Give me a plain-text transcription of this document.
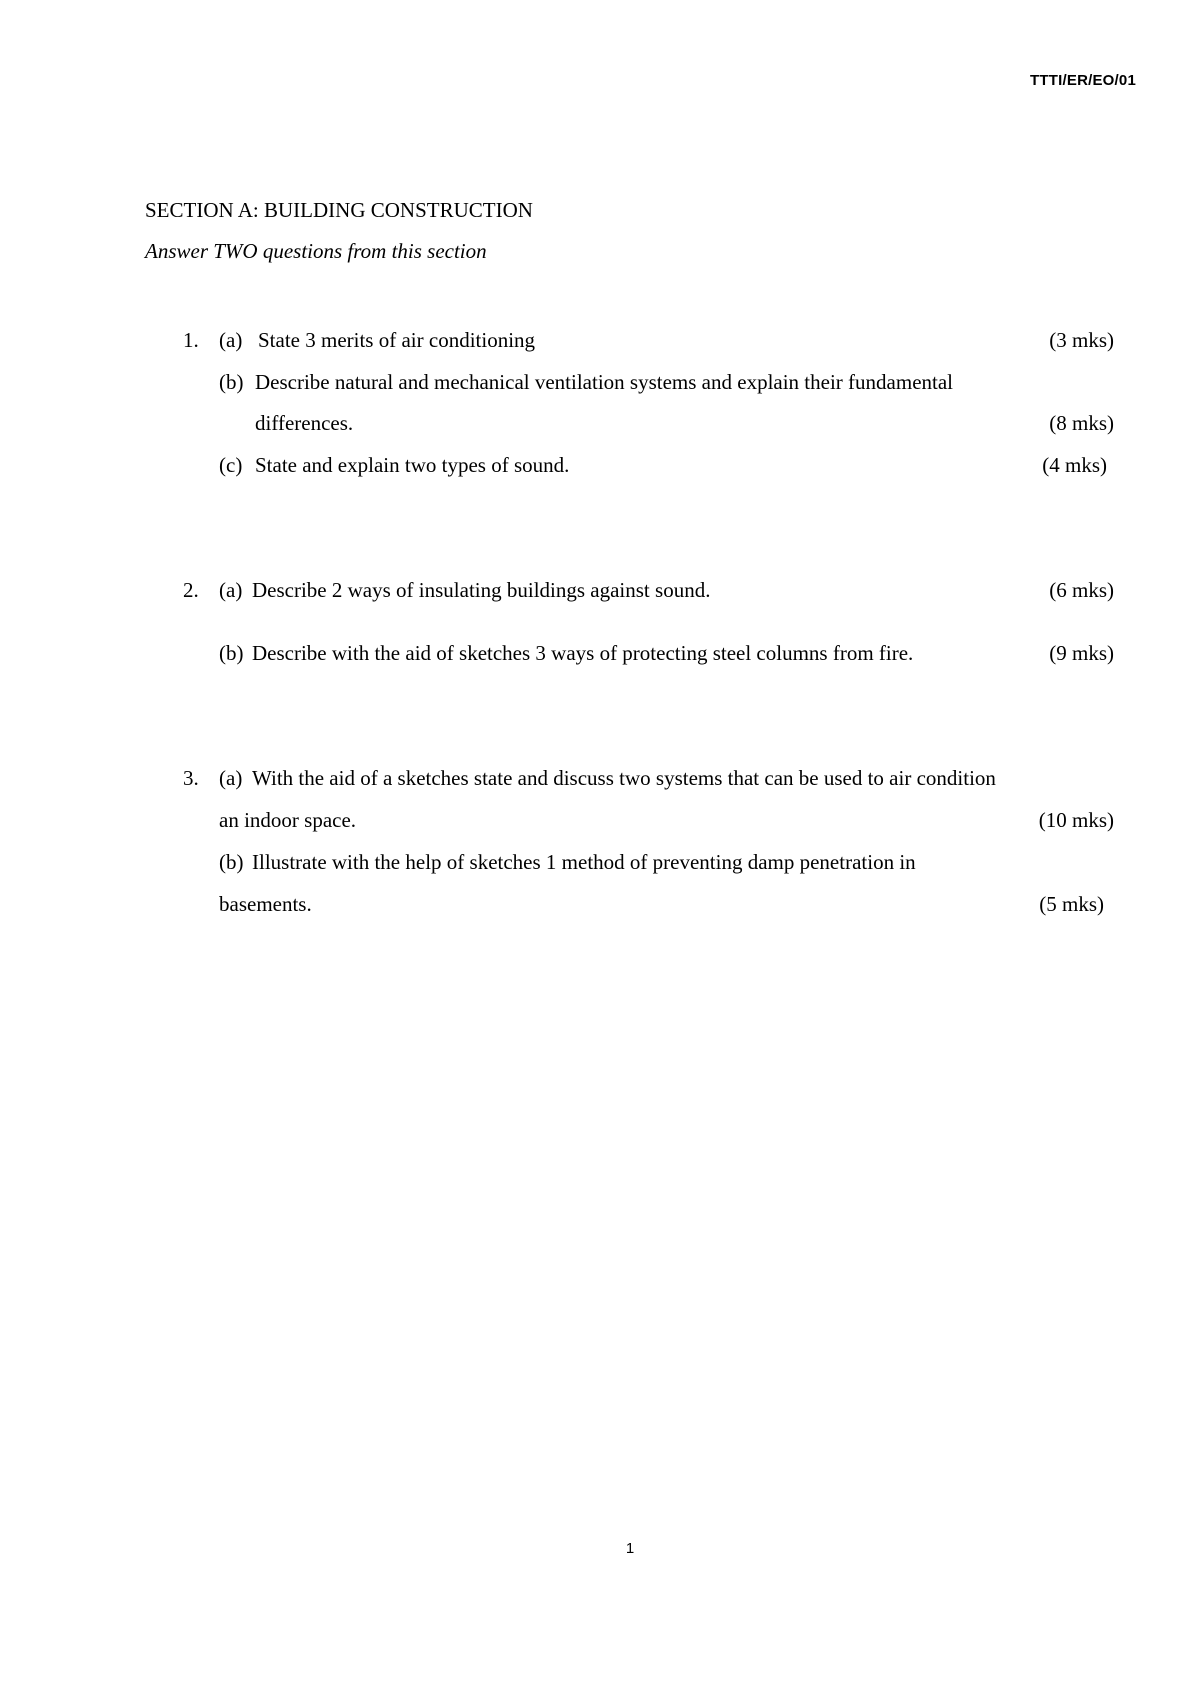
TTTI/ER/EO/01
SECTION A: BUILDING CONSTRUCTION
Answer TWO questions from this section
1. (a) State 3 merits of air conditioning	(3 mks)
(b) Describe natural and mechanical ventilation systems and explain their fundamental
differences.	(8 mks)
(c) State and explain two types of sound.	(4 mks)
2. (a) Describe 2 ways of insulating buildings against sound.	(6 mks)
(b) Describe with the aid of sketches 3 ways of protecting steel columns from fire.	(9 mks)
3. (a) With the aid of a sketches state and discuss two systems that can be used to air condition
an indoor space.	(10 mks)
(b) Illustrate with the help of sketches 1 method of preventing damp penetration in
basements.	(5 mks)
1
